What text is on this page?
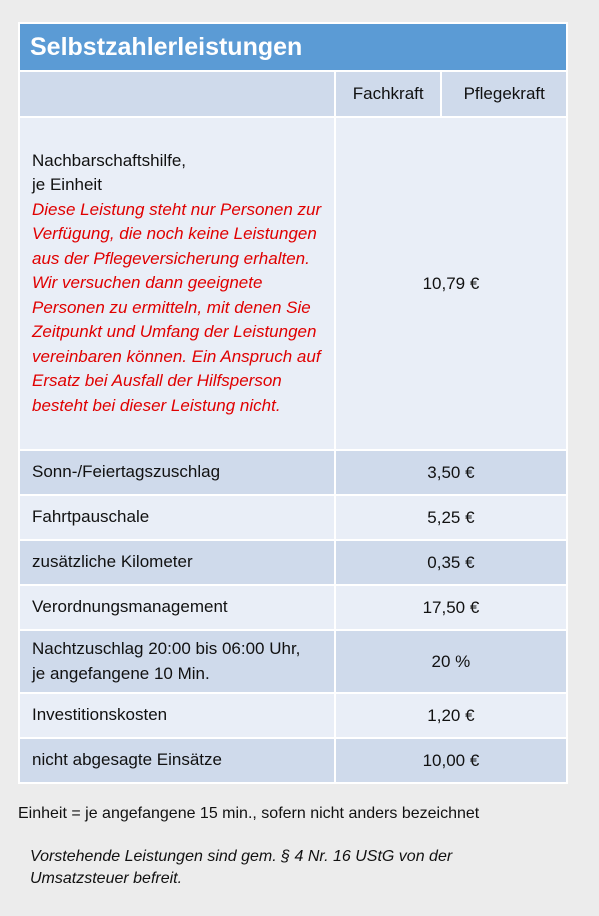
Selbstzahlerleistungen		
	Fachkraft	Pflegekraft
Nachbarschaftshilfe,
je Einheit
Diese Leistung steht nur Personen zur Verfügung, die noch keine Leistungen aus der Pflegeversicherung erhalten. Wir versuchen dann geeignete Personen zu ermitteln, mit denen Sie Zeitpunkt und Umfang der Leistungen vereinbaren können. Ein Anspruch auf Ersatz bei Ausfall der Hilfsperson besteht bei dieser Leistung nicht.	10,79 €	
Sonn-/Feiertagszuschlag	3,50 €	
Fahrtpauschale	5,25 €	
zusätzliche Kilometer	0,35 €	
Verordnungsmanagement	17,50 €	
Nachtzuschlag 20:00 bis 06:00 Uhr,
je angefangene 10 Min.	20 %	
Investitionskosten	1,20 €	
nicht abgesagte Einsätze	10,00 €	
Einheit = je angefangene 15 min., sofern nicht anders bezeichnet
Vorstehende Leistungen sind gem. § 4 Nr. 16 UStG von der Umsatzsteuer befreit.
